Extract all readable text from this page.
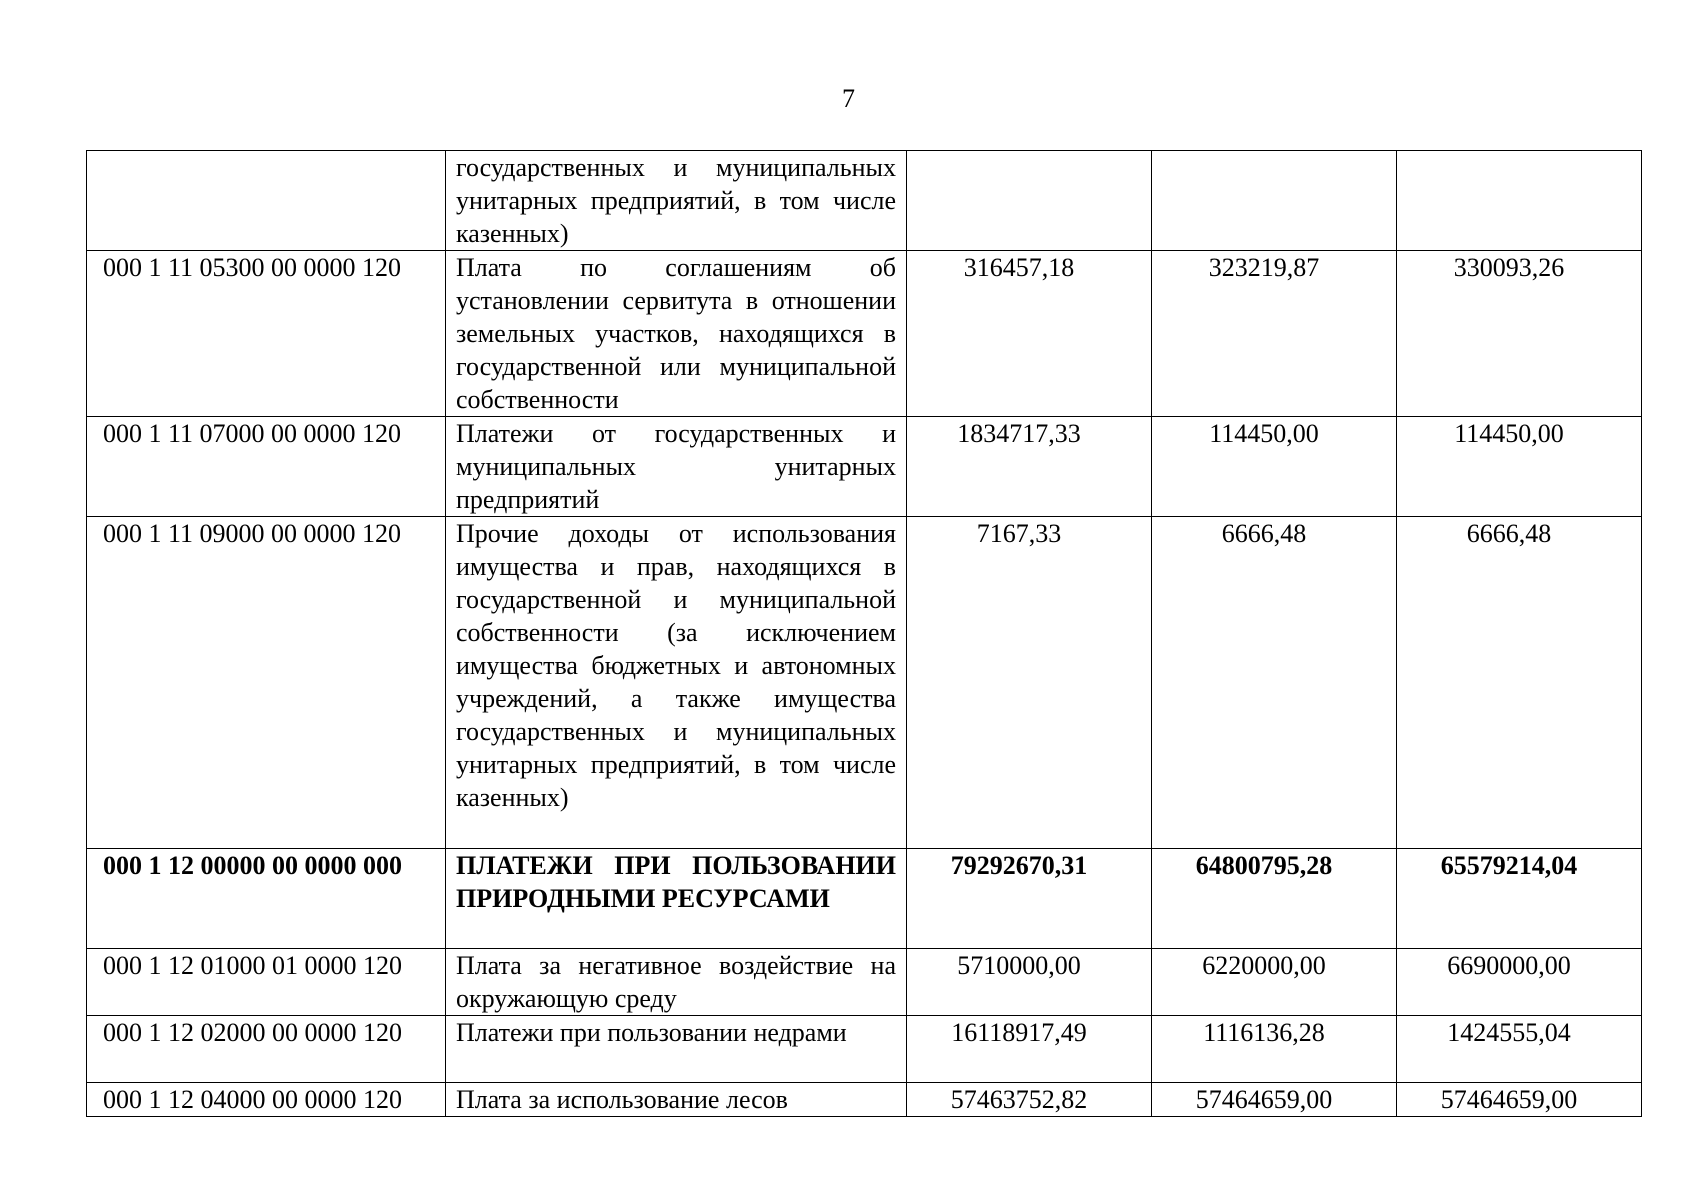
7
	государственных и муниципальных унитарных предприятий, в том числе казенных)			
000 1 11 05300 00 0000 120	Плата по соглашениям об установлении сервитута в отношении земельных участков, находящихся в государственной или муниципальной собственности	316457,18	323219,87	330093,26
000 1 11 07000 00 0000 120	Платежи от государственных и муниципальных унитарных предприятий	1834717,33	114450,00	114450,00
000 1 11 09000 00 0000 120	Прочие доходы от использования имущества и прав, находящихся в государственной и муниципальной собственности (за исключением имущества бюджетных и автономных учреждений, а также имущества государственных и муниципальных унитарных предприятий, в том числе казенных)	7167,33	6666,48	6666,48
000 1 12 00000 00 0000 000	ПЛАТЕЖИ ПРИ ПОЛЬЗОВАНИИ ПРИРОДНЫМИ РЕСУРСАМИ	79292670,31	64800795,28	65579214,04
000 1 12 01000 01 0000 120	Плата за негативное воздействие на окружающую среду	5710000,00	6220000,00	6690000,00
000 1 12 02000 00 0000 120	Платежи при пользовании недрами	16118917,49	1116136,28	1424555,04
000 1 12 04000 00 0000 120	Плата за использование лесов	57463752,82	57464659,00	57464659,00
